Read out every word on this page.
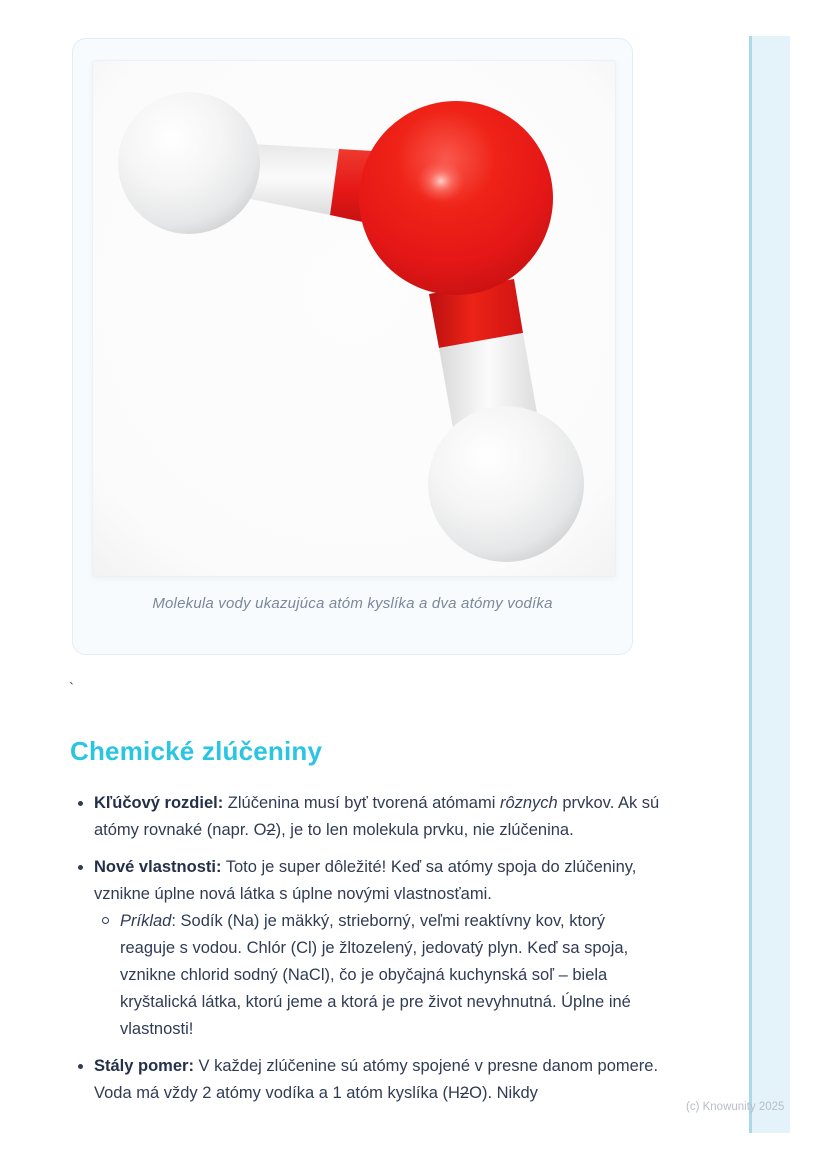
Molekula vody ukazujúca atóm kyslíka a dva atómy vodíka
`
Chemické zlúčeniny
Kľúčový rozdiel: Zlúčenina musí byť tvorená atómami rôznych prvkov. Ak sú atómy rovnaké (napr. O2), je to len molekula prvku, nie zlúčenina.
Nové vlastnosti: Toto je super dôležité! Keď sa atómy spoja do zlúčeniny, vznikne úplne nová látka s úplne novými vlastnosťami.
Príklad: Sodík (Na) je mäkký, strieborný, veľmi reaktívny kov, ktorý reaguje s vodou. Chlór (Cl) je žltozelený, jedovatý plyn. Keď sa spoja, vznikne chlorid sodný (NaCl), čo je obyčajná kuchynská soľ – biela kryštalická látka, ktorú jeme a ktorá je pre život nevyhnutná. Úplne iné vlastnosti!
Stály pomer: V každej zlúčenine sú atómy spojené v presne danom pomere. Voda má vždy 2 atómy vodíka a 1 atóm kyslíka (H2O). Nikdy
(c) Knowunity 2025
